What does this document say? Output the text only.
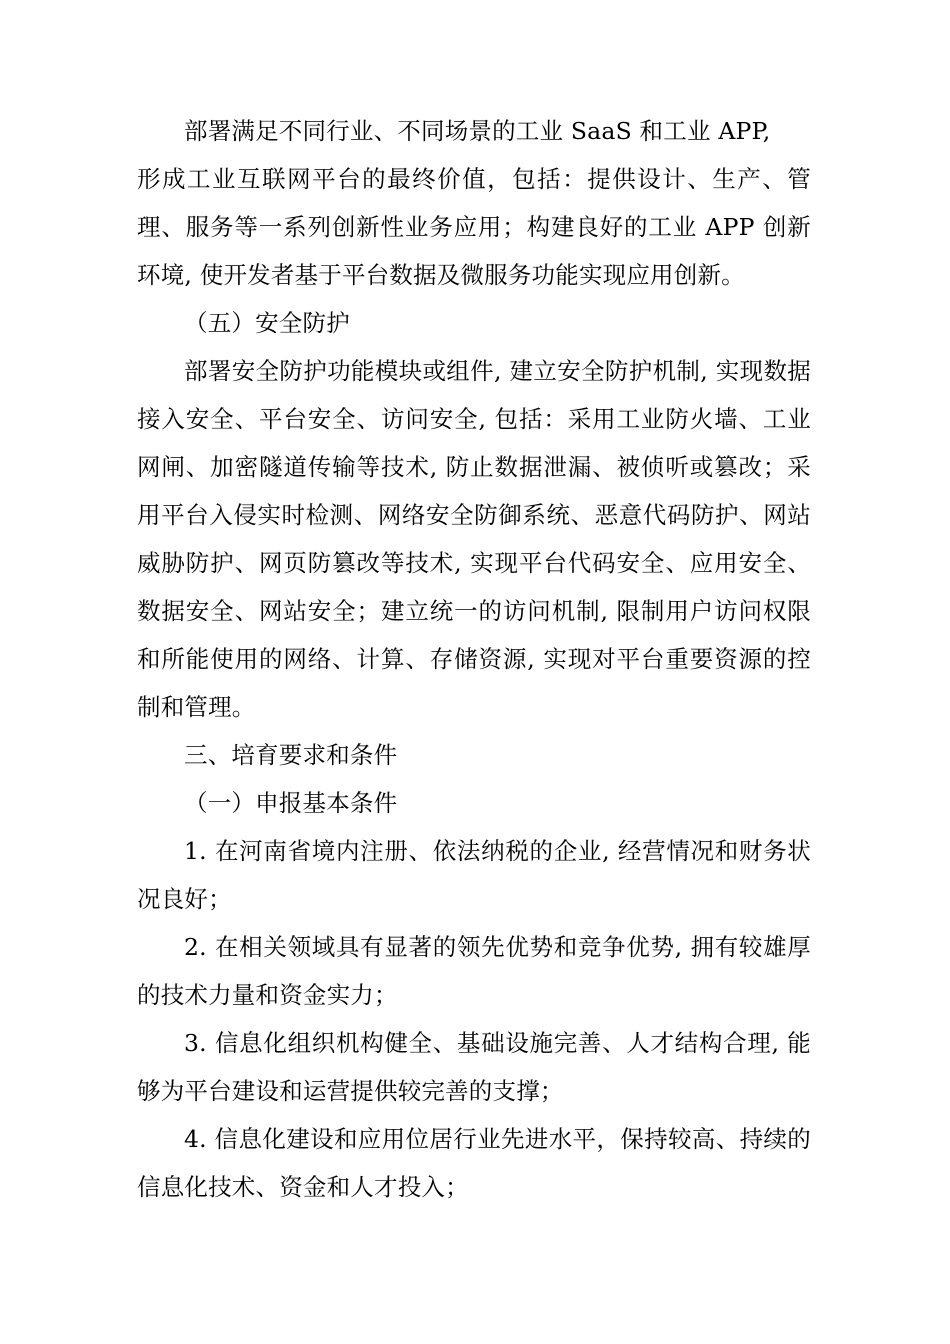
部署满足不同行业、不同场景的工业 SaaS 和工业 APP,

形成工业互联网平台的最终价值，包括：提供设计、生产、管理、服务等一系列创新性业务应用；构建良好的工业 APP 创新环境, 使开发者基于平台数据及微服务功能实现应用创新。

（五）安全防护

部署安全防护功能模块或组件, 建立安全防护机制, 实现数据接入安全、平台安全、访问安全, 包括：采用工业防火墙、工业网闸、加密隧道传输等技术, 防止数据泄漏、被侦听或篡改；采用平台入侵实时检测、网络安全防御系统、恶意代码防护、网站威胁防护、网页防篡改等技术, 实现平台代码安全、应用安全、数据安全、网站安全；建立统一的访问机制, 限制用户访问权限和所能使用的网络、计算、存储资源, 实现对平台重要资源的控制和管理。

三、培育要求和条件

（一）申报基本条件

1. 在河南省境内注册、依法纳税的企业, 经营情况和财务状况良好；

2. 在相关领域具有显著的领先优势和竞争优势, 拥有较雄厚的技术力量和资金实力；

3. 信息化组织机构健全、基础设施完善、人才结构合理, 能够为平台建设和运营提供较完善的支撑；

4. 信息化建设和应用位居行业先进水平，保持较高、持续的信息化技术、资金和人才投入；
